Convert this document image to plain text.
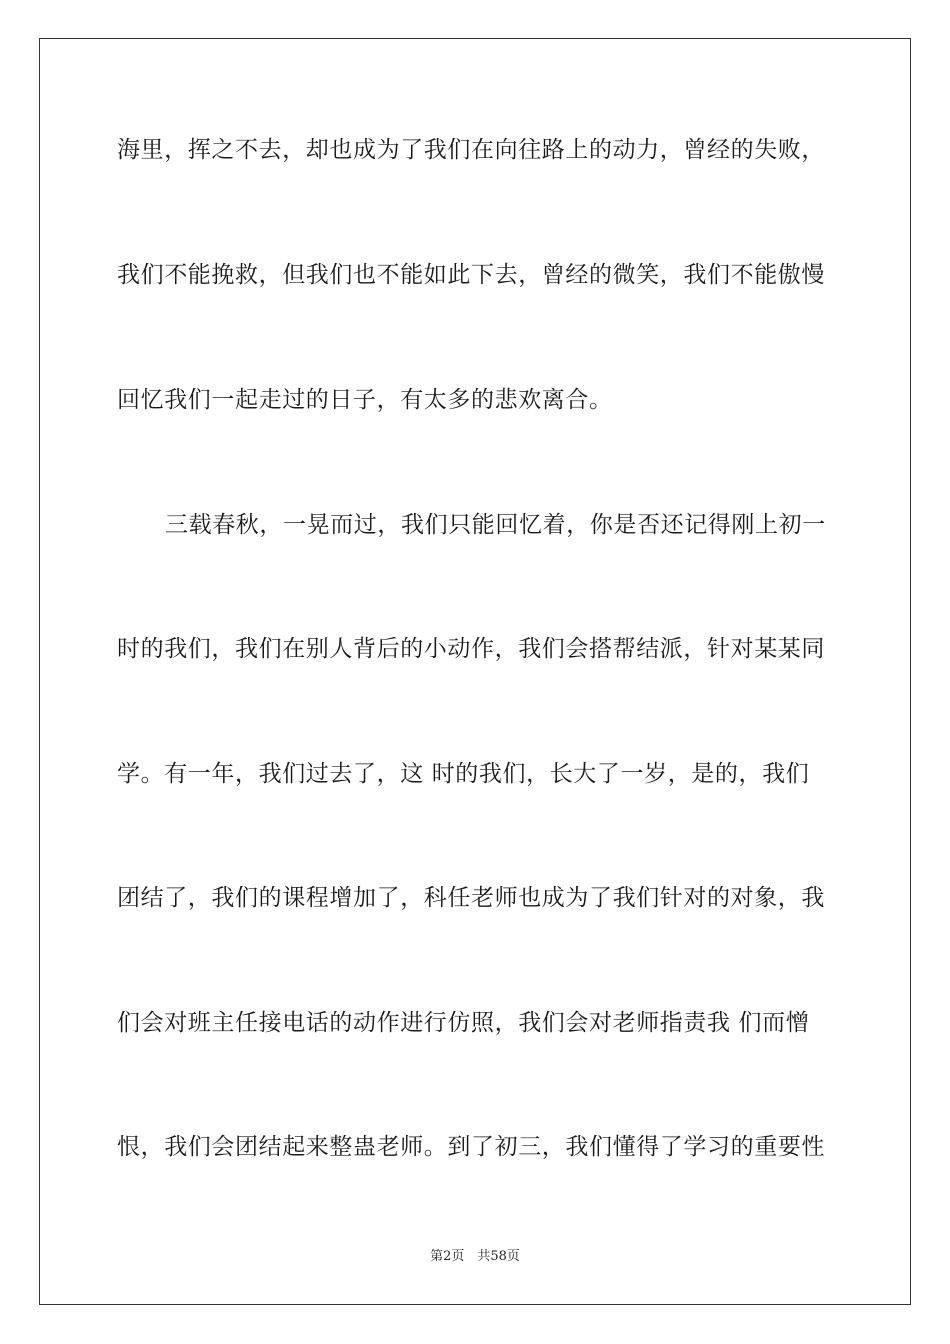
海里，挥之不去，却也成为了我们在向往路上的动力，曾经的失败，
我们不能挽救，但我们也不能如此下去，曾经的微笑，我们不能傲慢
回忆我们一起走过的日子，有太多的悲欢离合。
三载春秋，一晃而过，我们只能回忆着，你是否还记得刚上初一
时的我们，我们在别人背后的小动作，我们会搭帮结派，针对某某同
学。有一年，我们过去了，这 时的我们，长大了一岁，是的，我们
团结了，我们的课程增加了，科任老师也成为了我们针对的对象，我
们会对班主任接电话的动作进行仿照，我们会对老师指责我 们而憎
恨，我们会团结起来整蛊老师。到了初三，我们懂得了学习的重要性
第2页　共58页
